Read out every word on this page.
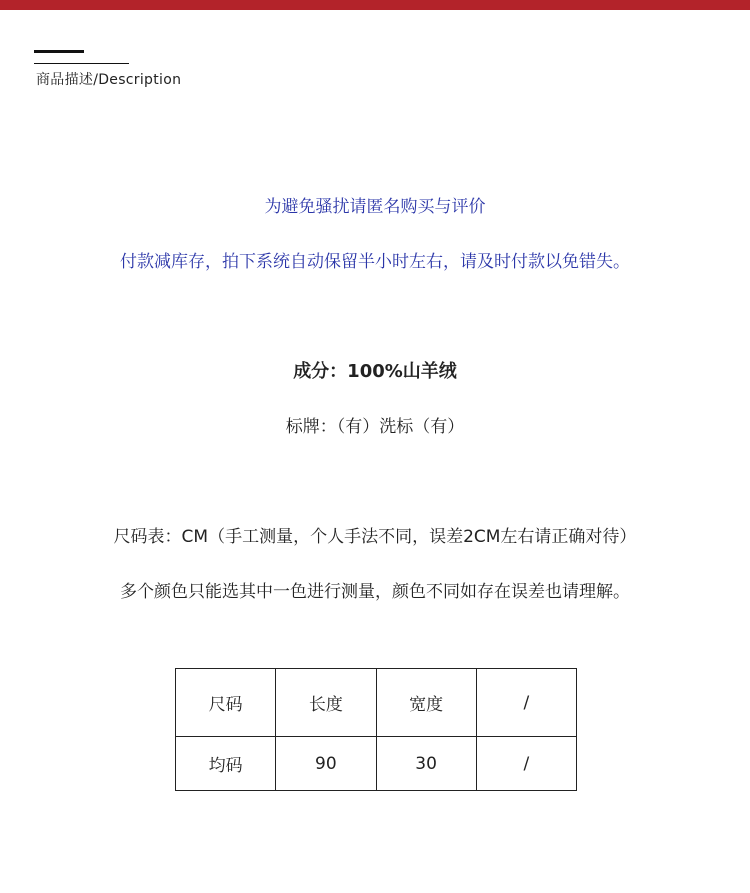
商品描述/Description
为避免骚扰请匿名购买与评价
付款减库存，拍下系统自动保留半小时左右，请及时付款以免错失。
成分：100%山羊绒
标牌：（有）洗标（有）
尺码表：CM（手工测量，个人手法不同，误差2CM左右请正确对待）
多个颜色只能选其中一色进行测量，颜色不同如存在误差也请理解。
尺码	长度	宽度	/
均码	90	30	/
